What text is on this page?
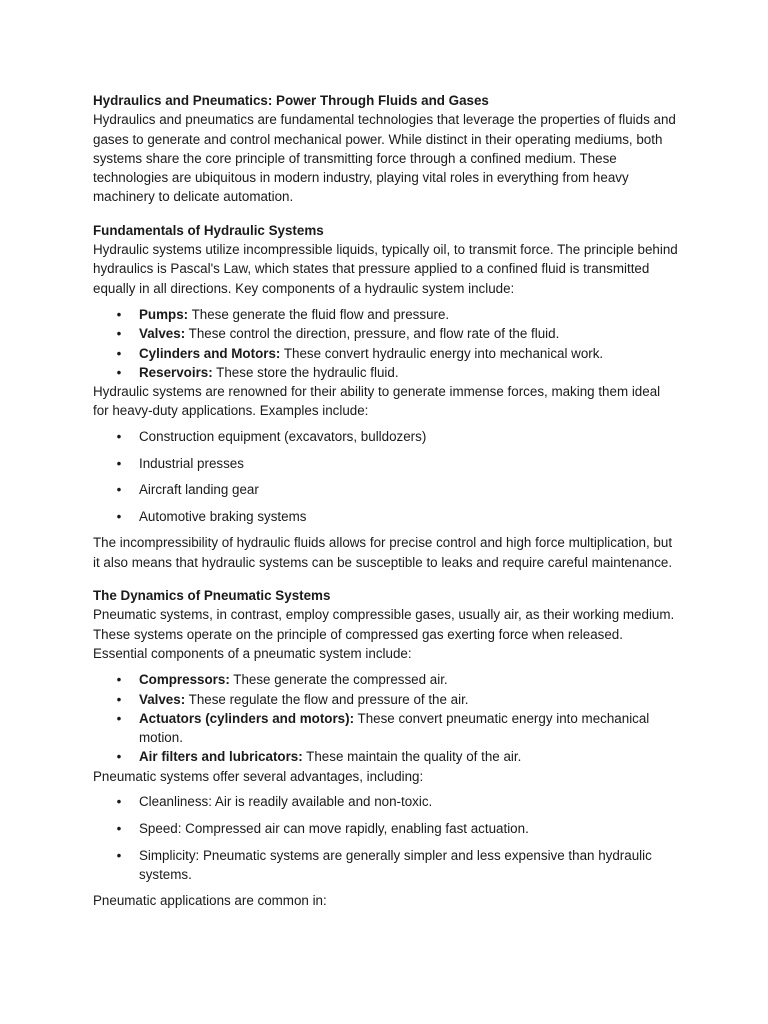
Hydraulics and Pneumatics: Power Through Fluids and Gases

Hydraulics and pneumatics are fundamental technologies that leverage the properties of fluids and gases to generate and control mechanical power. While distinct in their operating mediums, both systems share the core principle of transmitting force through a confined medium. These technologies are ubiquitous in modern industry, playing vital roles in everything from heavy machinery to delicate automation.

Fundamentals of Hydraulic Systems

Hydraulic systems utilize incompressible liquids, typically oil, to transmit force. The principle behind hydraulics is Pascal's Law, which states that pressure applied to a confined fluid is transmitted equally in all directions. Key components of a hydraulic system include:

• Pumps: These generate the fluid flow and pressure.
• Valves: These control the direction, pressure, and flow rate of the fluid.
• Cylinders and Motors: These convert hydraulic energy into mechanical work.
• Reservoirs: These store the hydraulic fluid.

Hydraulic systems are renowned for their ability to generate immense forces, making them ideal for heavy-duty applications. Examples include:

• Construction equipment (excavators, bulldozers)
• Industrial presses
• Aircraft landing gear
• Automotive braking systems

The incompressibility of hydraulic fluids allows for precise control and high force multiplication, but it also means that hydraulic systems can be susceptible to leaks and require careful maintenance.

The Dynamics of Pneumatic Systems

Pneumatic systems, in contrast, employ compressible gases, usually air, as their working medium. These systems operate on the principle of compressed gas exerting force when released. Essential components of a pneumatic system include:

• Compressors: These generate the compressed air.
• Valves: These regulate the flow and pressure of the air.
• Actuators (cylinders and motors): These convert pneumatic energy into mechanical motion.
• Air filters and lubricators: These maintain the quality of the air.

Pneumatic systems offer several advantages, including:

• Cleanliness: Air is readily available and non-toxic.
• Speed: Compressed air can move rapidly, enabling fast actuation.
• Simplicity: Pneumatic systems are generally simpler and less expensive than hydraulic systems.

Pneumatic applications are common in:
